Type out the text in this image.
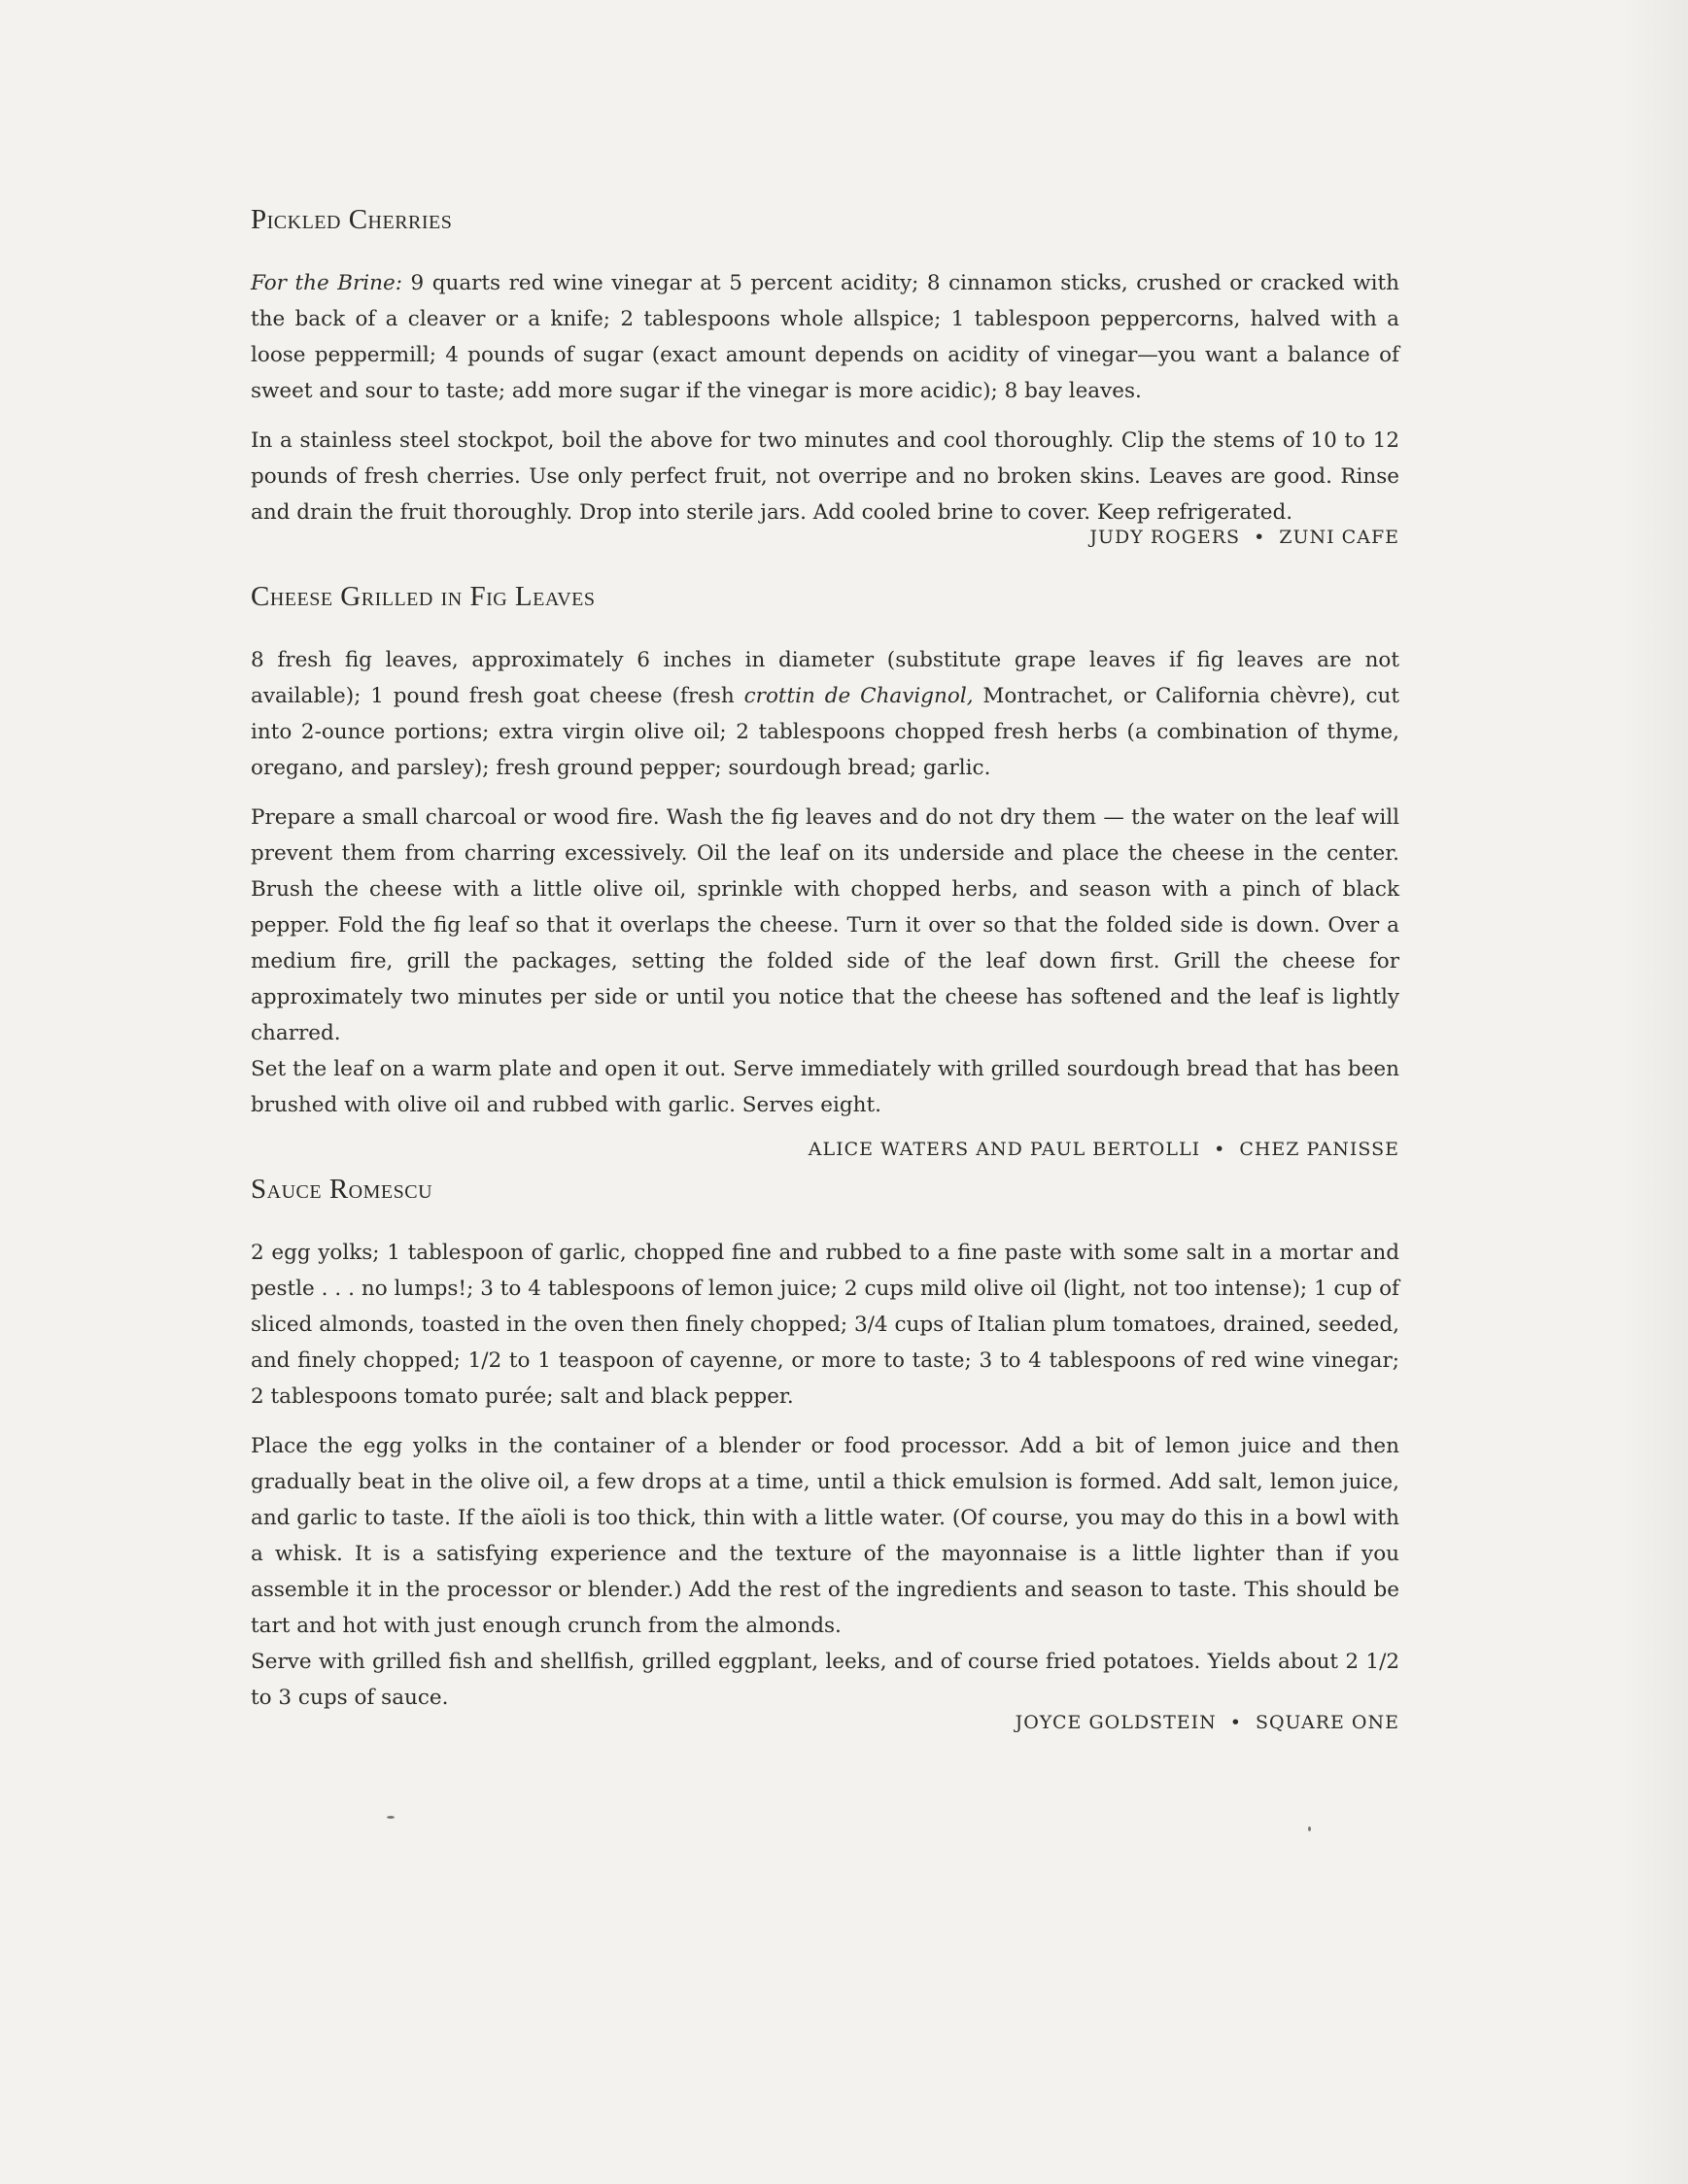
Pickled Cherries

For the Brine: 9 quarts red wine vinegar at 5 percent acidity; 8 cinnamon sticks, crushed or cracked with the back of a cleaver or a knife; 2 tablespoons whole allspice; 1 tablespoon peppercorns, halved with a loose peppermill; 4 pounds of sugar (exact amount depends on acidity of vinegar—you want a balance of sweet and sour to taste; add more sugar if the vinegar is more acidic); 8 bay leaves.

In a stainless steel stockpot, boil the above for two minutes and cool thoroughly. Clip the stems of 10 to 12 pounds of fresh cherries. Use only perfect fruit, not overripe and no broken skins. Leaves are good. Rinse and drain the fruit thoroughly. Drop into sterile jars. Add cooled brine to cover. Keep refrigerated.

JUDY ROGERS • ZUNI CAFE
Cheese Grilled in Fig Leaves

8 fresh fig leaves, approximately 6 inches in diameter (substitute grape leaves if fig leaves are not available); 1 pound fresh goat cheese (fresh crottin de Chavignol, Montrachet, or California chèvre), cut into 2-ounce portions; extra virgin olive oil; 2 tablespoons chopped fresh herbs (a combination of thyme, oregano, and parsley); fresh ground pepper; sourdough bread; garlic.

Prepare a small charcoal or wood fire. Wash the fig leaves and do not dry them — the water on the leaf will prevent them from charring excessively. Oil the leaf on its underside and place the cheese in the center. Brush the cheese with a little olive oil, sprinkle with chopped herbs, and season with a pinch of black pepper. Fold the fig leaf so that it overlaps the cheese. Turn it over so that the folded side is down. Over a medium fire, grill the packages, setting the folded side of the leaf down first. Grill the cheese for approximately two minutes per side or until you notice that the cheese has softened and the leaf is lightly charred.

Set the leaf on a warm plate and open it out. Serve immediately with grilled sourdough bread that has been brushed with olive oil and rubbed with garlic. Serves eight.

ALICE WATERS AND PAUL BERTOLLI • CHEZ PANISSE
Sauce Romescu

2 egg yolks; 1 tablespoon of garlic, chopped fine and rubbed to a fine paste with some salt in a mortar and pestle . . . no lumps!; 3 to 4 tablespoons of lemon juice; 2 cups mild olive oil (light, not too intense); 1 cup of sliced almonds, toasted in the oven then finely chopped; 3/4 cups of Italian plum tomatoes, drained, seeded, and finely chopped; 1/2 to 1 teaspoon of cayenne, or more to taste; 3 to 4 tablespoons of red wine vinegar; 2 tablespoons tomato purée; salt and black pepper.

Place the egg yolks in the container of a blender or food processor. Add a bit of lemon juice and then gradually beat in the olive oil, a few drops at a time, until a thick emulsion is formed. Add salt, lemon juice, and garlic to taste. If the aïoli is too thick, thin with a little water. (Of course, you may do this in a bowl with a whisk. It is a satisfying experience and the texture of the mayonnaise is a little lighter than if you assemble it in the processor or blender.) Add the rest of the ingredients and season to taste. This should be tart and hot with just enough crunch from the almonds.

Serve with grilled fish and shellfish, grilled eggplant, leeks, and of course fried potatoes. Yields about 2 1/2 to 3 cups of sauce.

JOYCE GOLDSTEIN • SQUARE ONE
